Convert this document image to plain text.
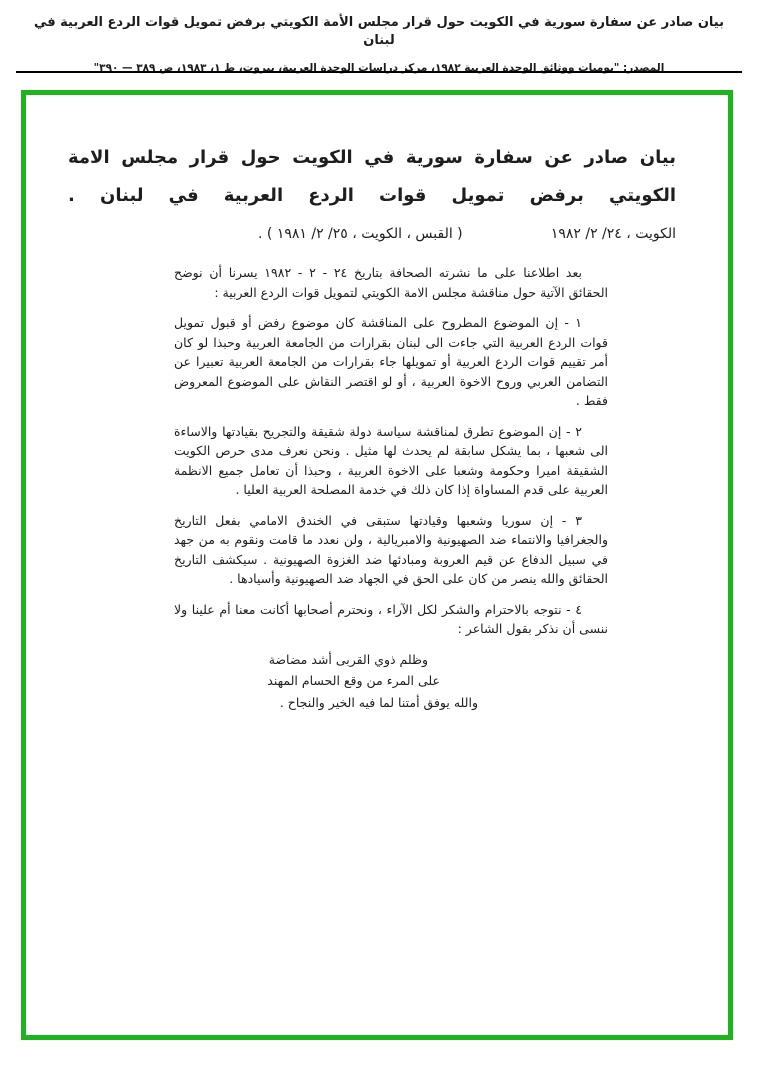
بيان صادر عن سفارة سورية في الكويت حول قرار مجلس الأمة الكويتي برفض تمويل قوات الردع العربية في لبنان
المصدر: "يوميات ووثائق الوحدة العربية ١٩٨٢، مركز دراسات الوحدة العربية، بيروت، ط ١، ١٩٨٣، ص ٣٨٩ — ٣٩٠"
بيان صادر عن سفارة سورية في الكويت حول قرار مجلس الامة الكويتي برفض تمويل قوات الردع العربية في لبنان .
الكويت ، ٢٤/ ٢/ ١٩٨٢
( القبس ، الكويت ، ٢٥/ ٢/ ١٩٨١ ) .
بعد اطلاعنا على ما نشرته الصحافة بتاريخ ٢٤ - ٢ - ١٩٨٢ يسرنا أن نوضح الحقائق الآتية حول مناقشة مجلس الامة الكويتي لتمويل قوات الردع العربية :
١ - إن الموضوع المطروح على المناقشة كان موضوع رفض أو قبول تمويل قوات الردع العربية التي جاءت الى لبنان بقرارات من الجامعة العربية وحبذا لو كان أمر تقييم قوات الردع العربية أو تمويلها جاء بقرارات من الجامعة العربية تعبيرا عن التضامن العربي وروح الاخوة العربية ، أو لو اقتصر النقاش على الموضوع المعروض فقط .
٢ - إن الموضوع تطرق لمناقشة سياسة دولة شقيقة والتجريح بقيادتها والاساءة الى شعبها ، بما يشكل سابقة لم يحدث لها مثيل . ونحن نعرف مدى حرص الكويت الشقيقة اميرا وحكومة وشعبا على الاخوة العربية ، وحبذا أن تعامل جميع الانظمة العربية على قدم المساواة إذا كان ذلك في خدمة المصلحة العربية العليا .
٣ - إن سوريا وشعبها وقيادتها ستبقى في الخندق الامامي بفعل التاريخ والجغرافيا والانتماء ضد الصهيونية والامبريالية ، ولن نعدد ما قامت ونقوم به من جهد في سبيل الدفاع عن قيم العروبة ومبادئها ضد الغزوة الصهيونية . سيكشف التاريخ الحقائق والله ينصر من كان على الحق في الجهاد ضد الصهيونية وأسيادها .
٤ - نتوجه بالاحترام والشكر لكل الآراء ، ونحترم أصحابها أكانت معنا أم علينا ولا ننسى أن نذكر بقول الشاعر :
وظلم ذوي القربى أشد مضاضة
على المرء من وقع الحسام المهند
والله يوفق أمتنا لما فيه الخير والنجاح .
